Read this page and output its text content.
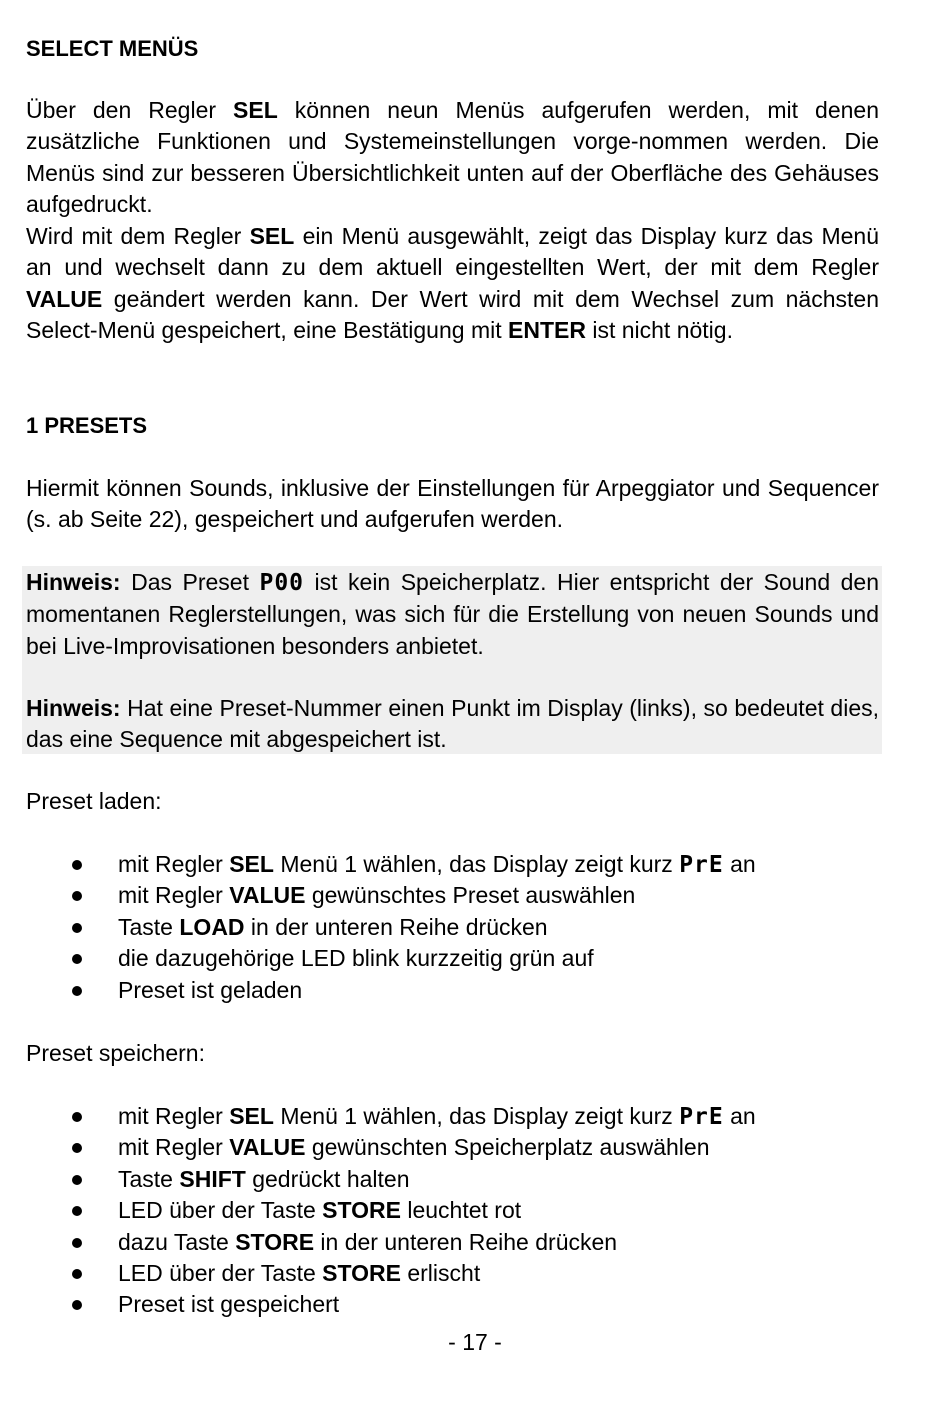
SELECT MENÜS
Über den Regler SEL können neun Menüs aufgerufen werden, mit denen zusätzliche Funktionen und Systemeinstellungen vorge-nommen werden. Die Menüs sind zur besseren Übersichtlichkeit unten auf der Oberfläche des Gehäuses aufgedruckt.
Wird mit dem Regler SEL ein Menü ausgewählt, zeigt das Display kurz das Menü an und wechselt dann zu dem aktuell eingestellten Wert, der mit dem Regler VALUE geändert werden kann. Der Wert wird mit dem Wechsel zum nächsten Select-Menü gespeichert, eine Bestätigung mit ENTER ist nicht nötig.
1 PRESETS
Hiermit können Sounds, inklusive der Einstellungen für Arpeggiator und Sequencer (s. ab Seite 22), gespeichert und aufgerufen werden.
Hinweis: Das Preset P00 ist kein Speicherplatz. Hier entspricht der Sound den momentanen Reglerstellungen, was sich für die Erstellung von neuen Sounds und bei Live-Improvisationen besonders anbietet.
Hinweis: Hat eine Preset-Nummer einen Punkt im Display (links), so bedeutet dies, das eine Sequence mit abgespeichert ist.
Preset laden:
mit Regler SEL Menü 1 wählen, das Display zeigt kurz PrE an
mit Regler VALUE gewünschtes Preset auswählen
Taste LOAD in der unteren Reihe drücken
die dazugehörige LED blink kurzzeitig grün auf
Preset ist geladen
Preset speichern:
mit Regler SEL Menü 1 wählen, das Display zeigt kurz PrE an
mit Regler VALUE gewünschten Speicherplatz auswählen
Taste SHIFT gedrückt halten
LED über der Taste STORE leuchtet rot
dazu Taste STORE in der unteren Reihe drücken
LED über der Taste STORE erlischt
Preset ist gespeichert
- 17 -
